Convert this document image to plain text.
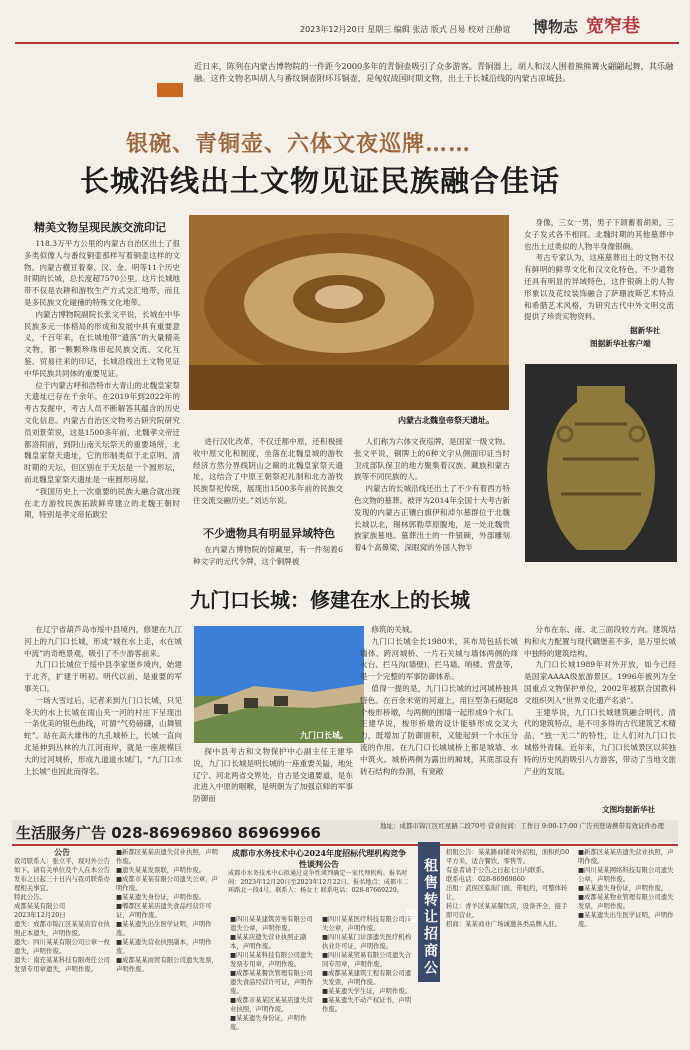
2023年12月20日 星期三 编辑 张洁 版式 吕易 校对 汪静谊 博物志 宽窄巷
近日来，陈列在内蒙古博物院的一件距今2000多年的青铜壶吸引了众多游客。青铜器上，胡人和汉人围着熊熊篝火翩翩起舞，其乐融融。这件文物名叫胡人与番纹铜壶附环耳铜壶，是匈奴战国时期文物，出土于长城沿线的内蒙古凉城县。
银碗、青铜壶、六体文夜巡牌……
长城沿线出土文物见证民族融合佳话
精美文物呈现民族交流印记

118.3万平方公里的内蒙古自治区出土了很多类似像人与番纹铜壶那样写着铜壶这样的文物。内蒙古横亘着秦、汉、金、明等11个历史时期的长城，总长度超7570公里。这片长城地带不仅是农耕和游牧生产方式交汇地带，而且是多民族文化碰撞的特殊文化地带。

内蒙古博物院副院长张文平说，长城在中华民族多元一体格局的形成和发展中具有重要意义，千百年来，在长城地带“遗落”的大量精美文物，都一颗颗珍珠串起民族交流、文化互鉴、贸易往来的印记，长城沿线出土文物见证中华民族共同体的重要见证。

位于内蒙古呼和浩特市大青山的北魏皇家祭天遗址已存在千余年。在2019年到2022年的考古发掘中，考古人员不断解答其蕴含的历史文化信息。内蒙古自治区文物考古研究院研究员刘景荣说，这是1500多年前，北魏孝文帝迁都洛阳前，到阴山南天坛祭天的重要场所，北魏皇家祭天遗址，它的形制类似于北京明、清时期的天坛，但区别在于天坛是一个圆形坛，而北魏皇家祭天遗址是一座圆形房屋。

“我国历史上一次重要的民族大融合就出现在北方游牧民族拓跋鲜卑建立的北魏王朝时期，特别是孝文帝拓跋宏

内蒙古北魏皇帝祭天遗址。

进行汉化改革，不仅迁都中原，还积极接收中原文化和制度，坐落在北魏皇城的游牧经济方然分界线阴山之巅的北魏皇家祭天遗址，这结合了中原王朝祭祀礼制和北方游牧民族祭祀传统，展现出1500多年前的民族交往交流交融历史。”刘达尔说。

不少遗物具有明显异域特色

在内蒙古博物院的馆藏里，有一件刻着6种文字的元代令牌，这个铜牌被

人们称为六体文夜巡牌，是国家一级文物。张文平说，铜牌上的6种文字从侧面印证当时卫戍部队保卫的地方聚集着汉族、藏族和蒙古族等不同民族的人。

内蒙古的长城沿线还出土了不少有着西方特色文物的墓葬。被评为2014年全国十大考古新发现的内蒙古正镶白旗伊和淖尔墓群位于北魏长城以北，锡林郭勒草原腹地，是一处北魏贵族家族墓地。墓葬出土的一件银碗，外部雕刻着4个高鼻梁、深眼窝的外国人物半

身像，三女一男，男子下颌蓄着胡须，三女子发式各不相同。北魏时期的其他墓葬中也出土过类似的人物半身像银碗。

考古专家认为，这座墓葬出土的文物不仅有鲜明的鲜卑文化和汉文化特色，不少遗物还具有明显的异域特色，这件银碗上的人物形象以及花纹装饰融合了萨珊波斯艺术特点和希腊艺术风格，为研究古代中外文明交流提供了珍贵实物资料。

据新华社
图据新华社客户端
九门口长城：修建在水上的长城

在辽宁省葫芦岛市绥中县境内，修建在九江河上的九门口长城，形成“城在水上走，水在城中流”的奇绝景观，吸引了不少游客前来。

九门口长城位于绥中县李家堡乡境内，始建于北齐，扩建于明初。明代以前，是重要的军事关口。

一场大雪过后，记者来到九门口长城，只见冬天的水上长城在雨山夹一河的村庄下呈现出一条优美的银色曲线，可谓“气势磅礴，山舞银蛇”。站在高大雄伟的九孔城桥上，长城一直向北延伸到丛林的九江河南岸，就是一座规模巨大的过河城桥，形成九道道水城门。“九门口水上长城”也因此而得名。

九门口长城。

探中县考古和文物保护中心副主任王建华说，九门口长城是明长城的一座重要关隘，地处辽宁、河北两省交界处，自古是交通要道，是东北进入中原的咽喉，是明朝为了加强京师的军事防御而

修筑的关城。

九门口长城全长1980米，其布局包括长城墙体、跨河城桥、一片石关城与墙体两侧的烽火台、拦马沟(墙壁)、拦马墙、哨楼、营盘等，是一个完整的军事防御体系。

值得一提的是，九门口长城的过河城桥独具特色。在百余米宽的河道上，用巨型条石砌起8个梭形桥墩，与两侧的围墙一起形成9个水门。王建华说，梭形桥墩的设计能够形成交叉大力，既增加了防御面积，又能起到一个水压分流的作用。在九门口长城城桥上都是城墙、水中筑火。城桥两侧为露出的厢城，其底部设有砖石结构的券洞，有宽敞

分布在东、南、北三面段较方向。建筑结构和火力配置与现代碉堡差不多，是万里长城中独特的建筑结构。

九门口长城1989年对外开放，如今已经是国家AAAA级旅游景区。1996年被列为全国重点文物保护单位，2002年被联合国教科文组织列入“世界文化遗产名录”。

王建华说，九门口长城建筑融合明代、清代的建筑特点，是不可多得的古代建筑艺术精品，“独一无二”的特性，让人们对九门口长城格外青睐。近年来，九门口长城景区以其独特的历史风韵吸引八方游客，带动了当地文旅产业的发展。

文图均据新华社
生活服务广告 028-86969860 86969966	地址：成都市锦江区红星路二段70号 营业时间：工作日 9:00-17:00 广告刊登请携带有效证件办理
公告
我司联系人：张立平，现对外公告如下。请有关单位及个人在本公告发布之日起三十日内与我司联系办理相关事宜。
特此公告。
成都某某有限公司
2023年12月20日
遗失：成都市锦江区某某店营业执照正本遗失，声明作废。
遗失：四川某某有限公司公章一枚遗失，声明作废。
遗失：南充某某科技有限责任公司发票专用章遗失，声明作废。
■新都区某某店遗失营业执照，声明作废。
■遗失某某发票联，声明作废。
■成都市某某有限公司遗失公章，声明作废。
■某某遗失身份证，声明作废。
■郫都区某某店遗失食品经营许可证，声明作废。
■某某遗失出生医学证明，声明作废。
■某某遗失营业执照副本，声明作废。
■成都某某商贸有限公司遗失发票，声明作废。
成都市水务技术中心2024年度招标代理机构竞争性谈判公告
成都市水务技术中心拟通过竞争性谈判确定一家代理机构。报名时间：2023年12月20日至2023年12月22日。报名地点：成都市二环路北一段4号。联系人：杨女士 联系电话：028-87669229。
■四川某某建筑劳务有限公司遗失公章，声明作废。
■某某店遗失营业执照正副本，声明作废。
■四川某某科技有限公司遗失发票专用章，声明作废。
■成都某某餐饮管理有限公司遗失食品经营许可证，声明作废。
■成都市某某区某某店遗失营业执照，声明作废。
■某某遗失身份证，声明作废。
■四川某某医疗科技有限公司遗失公章，声明作废。
■四川某某门诊部遗失医疗机构执业许可证，声明作废。
■四川某某贸易有限公司遗失合同专用章，声明作废。
■成都某某建筑工程有限公司遗失发票，声明作废。
■某某遗失学生证，声明作废。
■某某遗失不动产权证书，声明作废。
租售转让招商公告
招租公告：某某路商铺对外招租，面积约50平方米，适合餐饮、零售等。
有意者请于公告之日起七日内联系。
联系电话：028-86969860
出租：武侯区临街门面，带租约，可整体转让。
转让：青羊区某某餐饮店，设备齐全，接手即可营业。
招商：某某商业广场诚邀各类品牌入驻。
■新都区某某店遗失营业执照，声明作废。
■四川某某网络科技有限公司遗失公章，声明作废。
■某某遗失身份证，声明作废。
■成都某某物业管理有限公司遗失发票，声明作废。
■某某遗失出生医学证明，声明作废。
